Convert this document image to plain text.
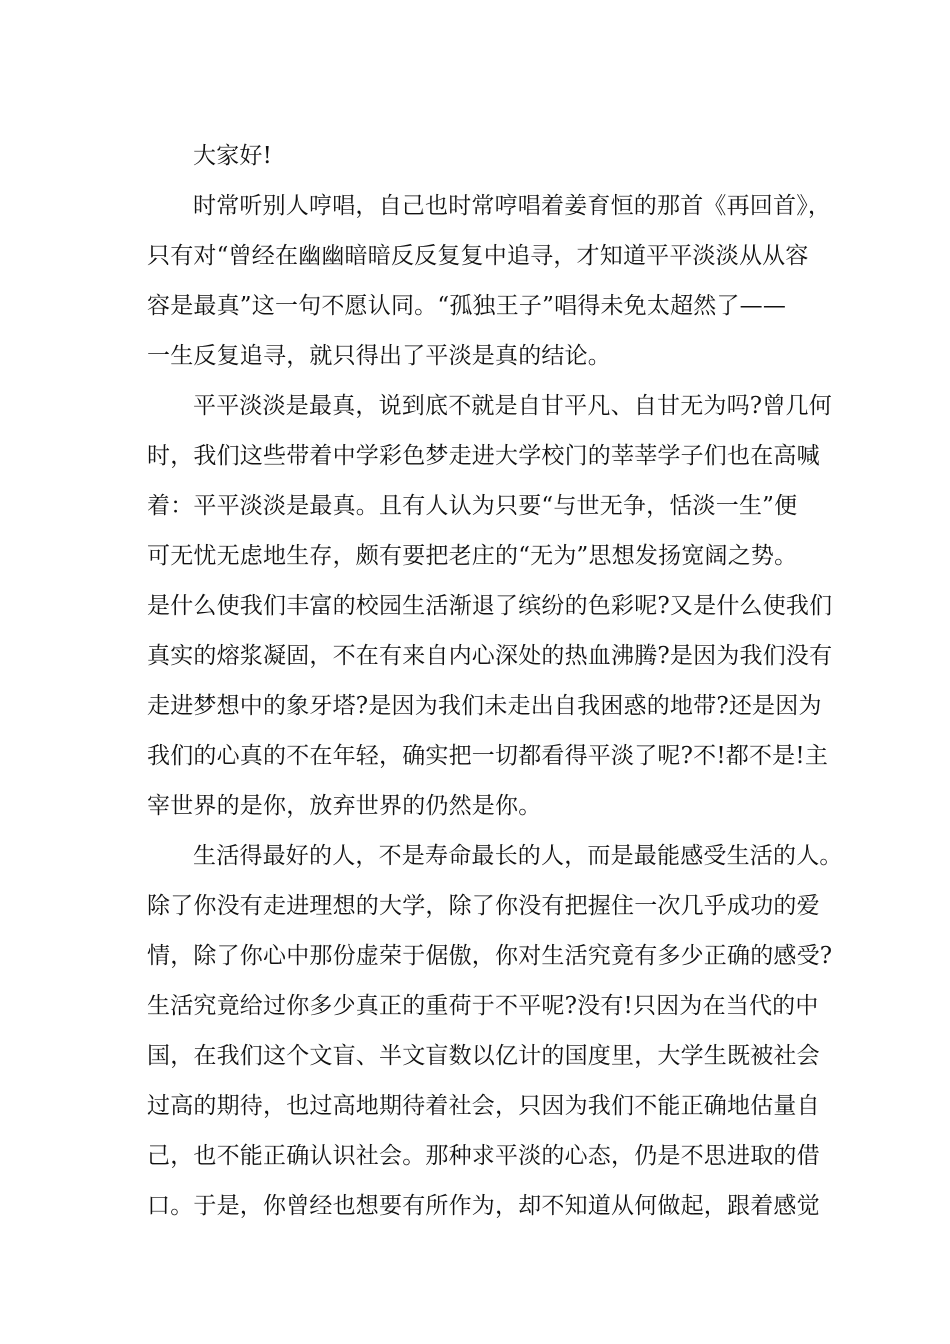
大家好!
时常听别人哼唱，自己也时常哼唱着姜育恒的那首《再回首》，
只有对“曾经在幽幽暗暗反反复复中追寻，才知道平平淡淡从从容
容是最真”这一句不愿认同。“孤独王子”唱得未免太超然了——
一生反复追寻，就只得出了平淡是真的结论。
平平淡淡是最真，说到底不就是自甘平凡、自甘无为吗?曾几何
时，我们这些带着中学彩色梦走进大学校门的莘莘学子们也在高喊
着：平平淡淡是最真。且有人认为只要“与世无争，恬淡一生”便
可无忧无虑地生存，颇有要把老庄的“无为”思想发扬宽阔之势。
是什么使我们丰富的校园生活渐退了缤纷的色彩呢?又是什么使我们
真实的熔浆凝固，不在有来自内心深处的热血沸腾?是因为我们没有
走进梦想中的象牙塔?是因为我们未走出自我困惑的地带?还是因为
我们的心真的不在年轻，确实把一切都看得平淡了呢?不!都不是!主
宰世界的是你，放弃世界的仍然是你。
生活得最好的人，不是寿命最长的人，而是最能感受生活的人。
除了你没有走进理想的大学，除了你没有把握住一次几乎成功的爱
情，除了你心中那份虚荣于倨傲，你对生活究竟有多少正确的感受?
生活究竟给过你多少真正的重荷于不平呢?没有!只因为在当代的中
国，在我们这个文盲、半文盲数以亿计的国度里，大学生既被社会
过高的期待，也过高地期待着社会，只因为我们不能正确地估量自
己，也不能正确认识社会。那种求平淡的心态，仍是不思进取的借
口。于是，你曾经也想要有所作为，却不知道从何做起，跟着感觉
